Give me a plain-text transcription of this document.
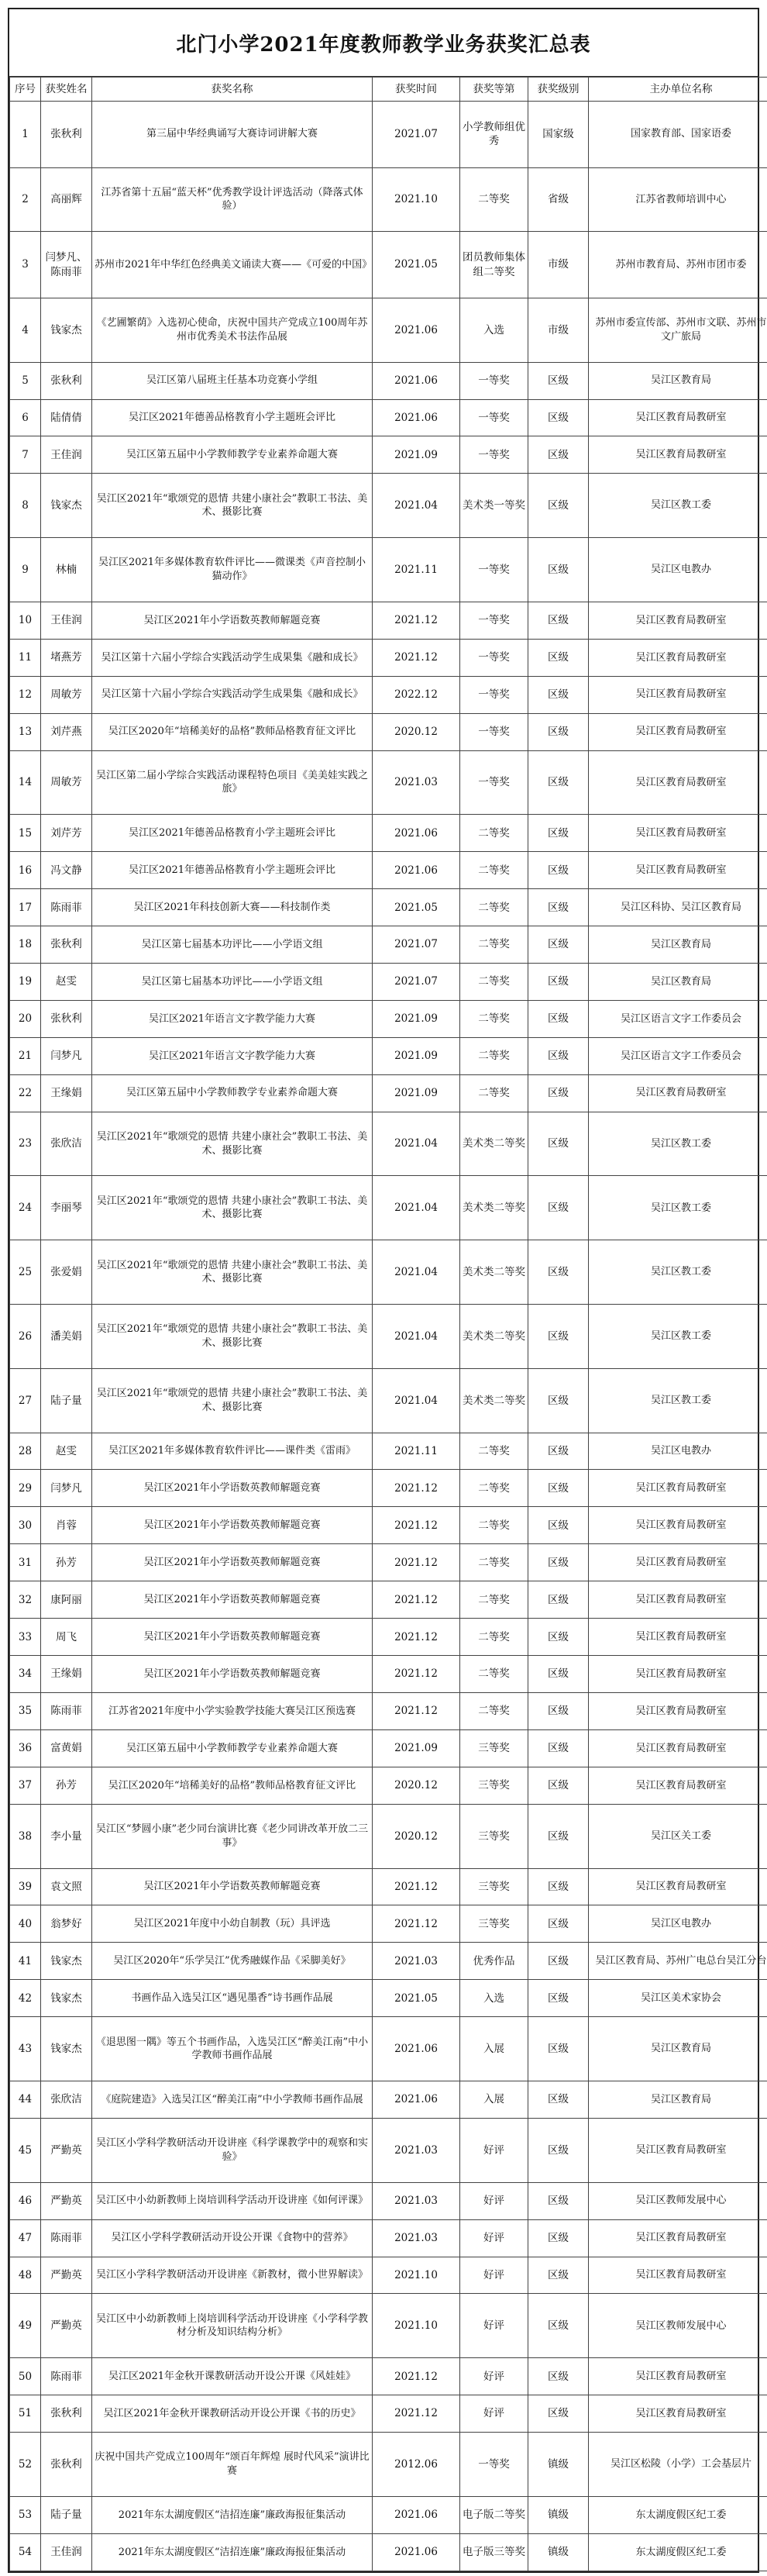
北门小学2021年度教师教学业务获奖汇总表
序号	获奖姓名	获奖名称	获奖时间	获奖等第	获奖级别	主办单位名称
1	张秋利	第三届中华经典诵写大赛诗词讲解大赛	2021.07	小学教师组优秀	国家级	国家教育部、国家语委
2	高丽辉	江苏省第十五届“蓝天杯”优秀教学设计评选活动（降落式体验）	2021.10	二等奖	省级	江苏省教师培训中心
3	闫梦凡、陈雨菲	苏州市2021年中华红色经典美文诵读大赛——《可爱的中国》	2021.05	团员教师集体组二等奖	市级	苏州市教育局、苏州市团市委
4	钱家杰	《艺圃繁荫》入选初心使命，庆祝中国共产党成立100周年苏州市优秀美术书法作品展	2021.06	入选	市级	苏州市委宣传部、苏州市文联、苏州市文广旅局
5	张秋利	吴江区第八届班主任基本功竞赛小学组	2021.06	一等奖	区级	吴江区教育局
6	陆倩倩	吴江区2021年德善品格教育小学主题班会评比	2021.06	一等奖	区级	吴江区教育局教研室
7	王佳润	吴江区第五届中小学教师教学专业素养命题大赛	2021.09	一等奖	区级	吴江区教育局教研室
8	钱家杰	吴江区2021年“歌颂党的恩情 共建小康社会”教职工书法、美术、摄影比赛	2021.04	美术类一等奖	区级	吴江区教工委
9	林楠	吴江区2021年多媒体教育软件评比——微课类《声音控制小猫动作》	2021.11	一等奖	区级	吴江区电教办
10	王佳润	吴江区2021年小学语数英教师解题竞赛	2021.12	一等奖	区级	吴江区教育局教研室
11	堵燕芳	吴江区第十六届小学综合实践活动学生成果集《融和成长》	2021.12	一等奖	区级	吴江区教育局教研室
12	周敏芳	吴江区第十六届小学综合实践活动学生成果集《融和成长》	2022.12	一等奖	区级	吴江区教育局教研室
13	刘芹燕	吴江区2020年“培稀美好的品格”教师品格教育征文评比	2020.12	一等奖	区级	吴江区教育局教研室
14	周敏芳	吴江区第二届小学综合实践活动课程特色项目《美美娃实践之旅》	2021.03	一等奖	区级	吴江区教育局教研室
15	刘芹芳	吴江区2021年德善品格教育小学主题班会评比	2021.06	二等奖	区级	吴江区教育局教研室
16	冯文静	吴江区2021年德善品格教育小学主题班会评比	2021.06	二等奖	区级	吴江区教育局教研室
17	陈雨菲	吴江区2021年科技创新大赛——科技制作类	2021.05	二等奖	区级	吴江区科协、吴江区教育局
18	张秋利	吴江区第七届基本功评比——小学语文组	2021.07	二等奖	区级	吴江区教育局
19	赵雯	吴江区第七届基本功评比——小学语文组	2021.07	二等奖	区级	吴江区教育局
20	张秋利	吴江区2021年语言文字教学能力大赛	2021.09	二等奖	区级	吴江区语言文字工作委员会
21	闫梦凡	吴江区2021年语言文字教学能力大赛	2021.09	二等奖	区级	吴江区语言文字工作委员会
22	王缘娟	吴江区第五届中小学教师教学专业素养命题大赛	2021.09	二等奖	区级	吴江区教育局教研室
23	张欣洁	吴江区2021年“歌颂党的恩情 共建小康社会”教职工书法、美术、摄影比赛	2021.04	美术类二等奖	区级	吴江区教工委
24	李丽琴	吴江区2021年“歌颂党的恩情 共建小康社会”教职工书法、美术、摄影比赛	2021.04	美术类二等奖	区级	吴江区教工委
25	张爱娟	吴江区2021年“歌颂党的恩情 共建小康社会”教职工书法、美术、摄影比赛	2021.04	美术类二等奖	区级	吴江区教工委
26	潘美娟	吴江区2021年“歌颂党的恩情 共建小康社会”教职工书法、美术、摄影比赛	2021.04	美术类二等奖	区级	吴江区教工委
27	陆子量	吴江区2021年“歌颂党的恩情 共建小康社会”教职工书法、美术、摄影比赛	2021.04	美术类二等奖	区级	吴江区教工委
28	赵雯	吴江区2021年多媒体教育软件评比——课件类《雷雨》	2021.11	二等奖	区级	吴江区电教办
29	闫梦凡	吴江区2021年小学语数英教师解题竞赛	2021.12	二等奖	区级	吴江区教育局教研室
30	肖蓉	吴江区2021年小学语数英教师解题竞赛	2021.12	二等奖	区级	吴江区教育局教研室
31	孙芳	吴江区2021年小学语数英教师解题竞赛	2021.12	二等奖	区级	吴江区教育局教研室
32	康阿丽	吴江区2021年小学语数英教师解题竞赛	2021.12	二等奖	区级	吴江区教育局教研室
33	周飞	吴江区2021年小学语数英教师解题竞赛	2021.12	二等奖	区级	吴江区教育局教研室
34	王缘娟	吴江区2021年小学语数英教师解题竞赛	2021.12	二等奖	区级	吴江区教育局教研室
35	陈雨菲	江苏省2021年度中小学实验教学技能大赛吴江区预选赛	2021.12	二等奖	区级	吴江区教育局教研室
36	富黄娟	吴江区第五届中小学教师教学专业素养命题大赛	2021.09	三等奖	区级	吴江区教育局教研室
37	孙芳	吴江区2020年“培稀美好的品格”教师品格教育征文评比	2020.12	三等奖	区级	吴江区教育局教研室
38	李小量	吴江区“梦圆小康”老少同台演讲比赛《老少同讲改革开放二三事》	2020.12	三等奖	区级	吴江区关工委
39	袁文照	吴江区2021年小学语数英教师解题竞赛	2021.12	三等奖	区级	吴江区教育局教研室
40	翁梦好	吴江区2021年度中小幼自制教（玩）具评选	2021.12	三等奖	区级	吴江区电教办
41	钱家杰	吴江区2020年“乐学吴江”优秀融媒作品《采脚美好》	2021.03	优秀作品	区级	吴江区教育局、苏州广电总台吴江分台
42	钱家杰	书画作品入选吴江区“遇见墨香”诗书画作品展	2021.05	入选	区级	吴江区美术家协会
43	钱家杰	《退思图一隅》等五个书画作品，入选吴江区“醉美江南”中小学教师书画作品展	2021.06	入展	区级	吴江区教育局
44	张欣洁	《庭院建造》入选吴江区“醉美江南”中小学教师书画作品展	2021.06	入展	区级	吴江区教育局
45	严勤英	吴江区小学科学教研活动开设讲座《科学课教学中的观察和实验》	2021.03	好评	区级	吴江区教育局教研室
46	严勤英	吴江区中小幼新教师上岗培训科学活动开设讲座《如何评课》	2021.03	好评	区级	吴江区教师发展中心
47	陈雨菲	吴江区小学科学教研活动开设公开课《食物中的营养》	2021.03	好评	区级	吴江区教育局教研室
48	严勤英	吴江区小学科学教研活动开设讲座《新教材，微小世界解读》	2021.10	好评	区级	吴江区教育局教研室
49	严勤英	吴江区中小幼新教师上岗培训科学活动开设讲座《小学科学教材分析及知识结构分析》	2021.10	好评	区级	吴江区教师发展中心
50	陈雨菲	吴江区2021年金秋开课教研活动开设公开课《风娃娃》	2021.12	好评	区级	吴江区教育局教研室
51	张秋利	吴江区2021年金秋开课教研活动开设公开课《书的历史》	2021.12	好评	区级	吴江区教育局教研室
52	张秋利	庆祝中国共产党成立100周年“颂百年辉煌 展时代风采”演讲比赛	2012.06	一等奖	镇级	吴江区松陵（小学）工会基层片
53	陆子量	2021年东太湖度假区“洁招连廉”廉政海报征集活动	2021.06	电子版二等奖	镇级	东太湖度假区纪工委
54	王佳润	2021年东太湖度假区“洁招连廉”廉政海报征集活动	2021.06	电子版三等奖	镇级	东太湖度假区纪工委
